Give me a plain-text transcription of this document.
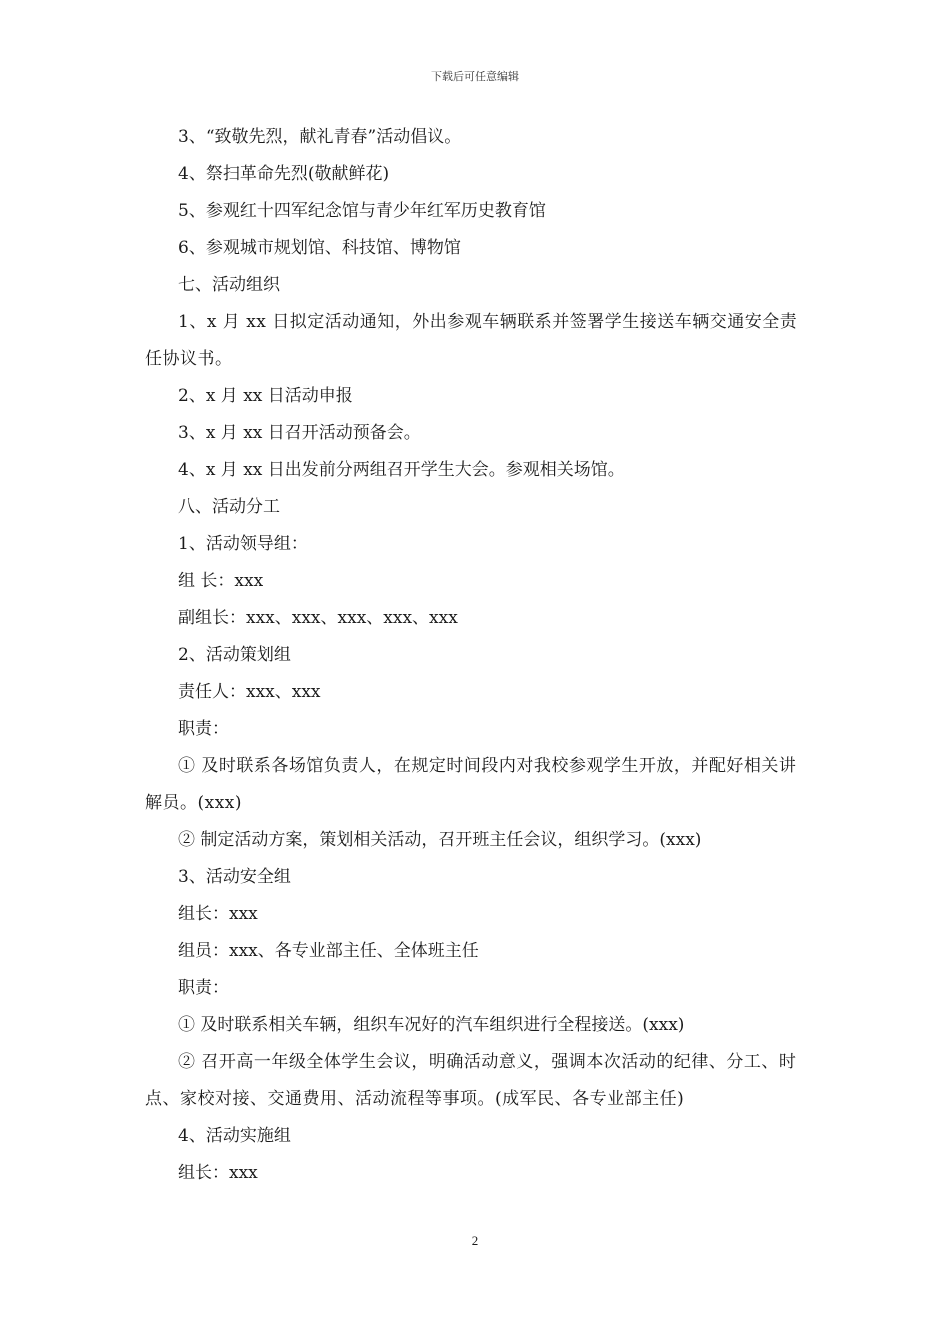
下载后可任意编辑

3、“致敬先烈，献礼青春”活动倡议。

4、祭扫革命先烈(敬献鲜花)

5、参观红十四军纪念馆与青少年红军历史教育馆

6、参观城市规划馆、科技馆、博物馆

七、活动组织

1、x 月 xx 日拟定活动通知，外出参观车辆联系并签署学生接送车辆交通安全责任协议书。

2、x 月 xx 日活动申报

3、x 月 xx 日召开活动预备会。

4、x 月 xx 日出发前分两组召开学生大会。参观相关场馆。

八、活动分工

1、活动领导组：

组 长：xxx

副组长：xxx、xxx、xxx、xxx、xxx

2、活动策划组

责任人：xxx、xxx

职责：

① 及时联系各场馆负责人，在规定时间段内对我校参观学生开放，并配好相关讲解员。(xxx)

② 制定活动方案，策划相关活动，召开班主任会议，组织学习。(xxx)

3、活动安全组

组长：xxx

组员：xxx、各专业部主任、全体班主任

职责：

① 及时联系相关车辆，组织车况好的汽车组织进行全程接送。(xxx)

② 召开高一年级全体学生会议，明确活动意义，强调本次活动的纪律、分工、时点、家校对接、交通费用、活动流程等事项。(成军民、各专业部主任)

4、活动实施组

组长：xxx

2
